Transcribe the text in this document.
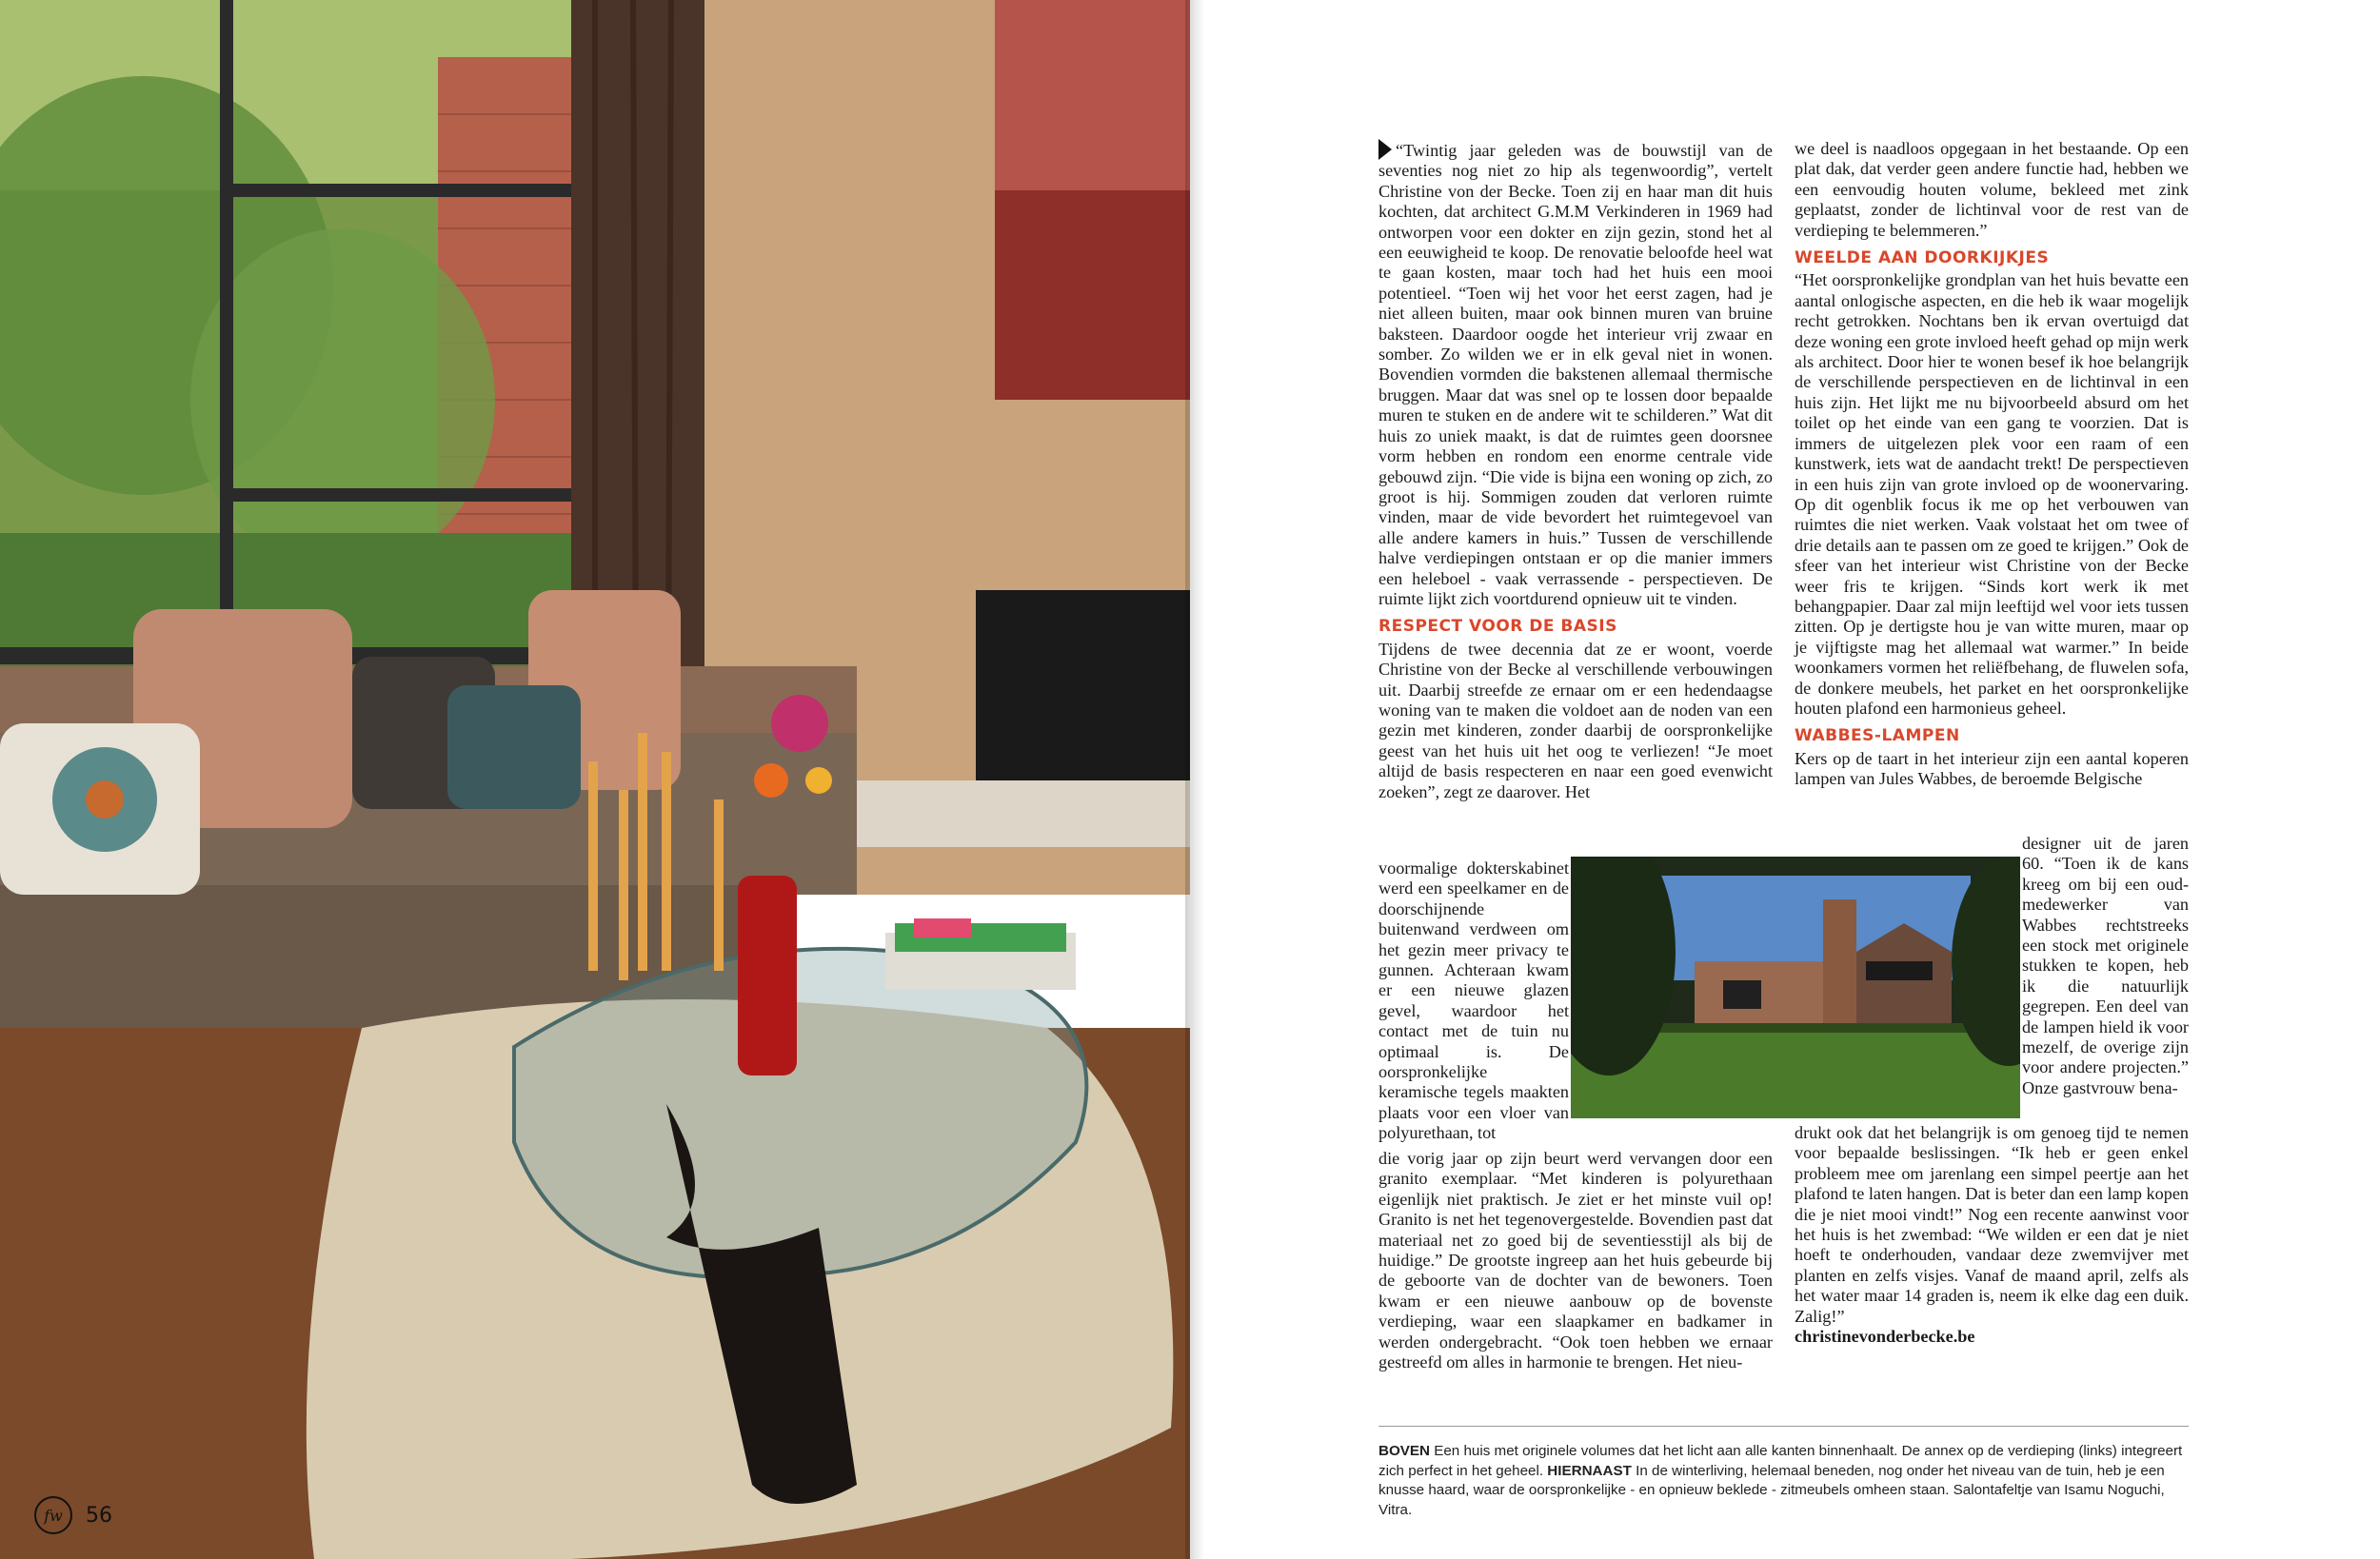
fw	56

“Twintig jaar geleden was de bouwstijl van de seventies nog niet zo hip als tegenwoordig”, vertelt Christine von der Becke. Toen zij en haar man dit huis kochten, dat architect G.M.M Verkinderen in 1969 had ontworpen voor een dokter en zijn gezin, stond het al een eeuwigheid te koop. De renovatie beloofde heel wat te gaan kosten, maar toch had het huis een mooi potentieel. “Toen wij het voor het eerst zagen, had je niet alleen buiten, maar ook binnen muren van bruine baksteen. Daardoor oogde het interieur vrij zwaar en somber. Zo wilden we er in elk geval niet in wonen. Bovendien vormden die bakstenen allemaal thermische bruggen. Maar dat was snel op te lossen door bepaalde muren te stuken en de andere wit te schilderen.” Wat dit huis zo uniek maakt, is dat de ruimtes geen doorsnee vorm hebben en rondom een enorme centrale vide gebouwd zijn. “Die vide is bijna een woning op zich, zo groot is hij. Sommigen zouden dat verloren ruimte vinden, maar de vide bevordert het ruimtegevoel van alle andere kamers in huis.” Tussen de verschillende halve verdiepingen ontstaan er op die manier immers een heleboel - vaak verrassende - perspectieven. De ruimte lijkt zich voortdurend opnieuw uit te vinden.

RESPECT VOOR DE BASIS

Tijdens de twee decennia dat ze er woont, voerde Christine von der Becke al verschillende verbouwingen uit. Daarbij streefde ze ernaar om er een hedendaagse woning van te maken die voldoet aan de noden van een gezin met kinderen, zonder daarbij de oorspronkelijke geest van het huis uit het oog te verliezen! “Je moet altijd de basis respecteren en naar een goed evenwicht zoeken”, zegt ze daarover. Het

voormalige dokterskabinet werd een speelkamer en de doorschijnende buitenwand verdween om het gezin meer privacy te gunnen. Achteraan kwam er een nieuwe glazen gevel, waardoor het contact met de tuin nu optimaal is. De oorspronkelijke keramische tegels maakten plaats voor een vloer van polyurethaan, tot

die vorig jaar op zijn beurt werd vervangen door een granito exemplaar. “Met kinderen is polyurethaan eigenlijk niet praktisch. Je ziet er het minste vuil op! Granito is net het tegenovergestelde. Bovendien past dat materiaal net zo goed bij de seventiesstijl als bij de huidige.” De grootste ingreep aan het huis gebeurde bij de geboorte van de dochter van de bewoners. Toen kwam er een nieuwe aanbouw op de bovenste verdieping, waar een slaapkamer en badkamer in werden ondergebracht. “Ook toen hebben we ernaar gestreefd om alles in harmonie te brengen. Het nieu-

we deel is naadloos opgegaan in het bestaande. Op een plat dak, dat verder geen andere functie had, hebben we een eenvoudig houten volume, bekleed met zink geplaatst, zonder de lichtinval voor de rest van de verdieping te belemmeren.”

WEELDE AAN DOORKIJKJES

“Het oorspronkelijke grondplan van het huis bevatte een aantal onlogische aspecten, en die heb ik waar mogelijk recht getrokken. Nochtans ben ik ervan overtuigd dat deze woning een grote invloed heeft gehad op mijn werk als architect. Door hier te wonen besef ik hoe belangrijk de verschillende perspectieven en de lichtinval in een huis zijn. Het lijkt me nu bijvoorbeeld absurd om het toilet op het einde van een gang te voorzien. Dat is immers de uitgelezen plek voor een raam of een kunstwerk, iets wat de aandacht trekt! De perspectieven in een huis zijn van grote invloed op de woonervaring. Op dit ogenblik focus ik me op het verbouwen van ruimtes die niet werken. Vaak volstaat het om twee of drie details aan te passen om ze goed te krijgen.” Ook de sfeer van het interieur wist Christine von der Becke weer fris te krijgen. “Sinds kort werk ik met behangpapier. Daar zal mijn leeftijd wel voor iets tussen zitten. Op je dertigste hou je van witte muren, maar op je vijftigste mag het allemaal wat warmer.” In beide woonkamers vormen het reliëfbehang, de fluwelen sofa, de donkere meubels, het parket en het oorspronkelijke houten plafond een harmonieus geheel.

WABBES-LAMPEN

Kers op de taart in het interieur zijn een aantal koperen lampen van Jules Wabbes, de beroemde Belgische

designer uit de jaren 60. “Toen ik de kans kreeg om bij een oud-medewerker van Wabbes rechtstreeks een stock met originele stukken te kopen, heb ik die natuurlijk gegrepen. Een deel van de lampen hield ik voor mezelf, de overige zijn voor andere projecten.” Onze gastvrouw bena-

drukt ook dat het belangrijk is om genoeg tijd te nemen voor bepaalde beslissingen. “Ik heb er geen enkel probleem mee om jarenlang een simpel peertje aan het plafond te laten hangen. Dat is beter dan een lamp kopen die je niet mooi vindt!” Nog een recente aanwinst voor het huis is het zwembad: “We wilden er een dat je niet hoeft te onderhouden, vandaar deze zwemvijver met planten en zelfs visjes. Vanaf de maand april, zelfs als het water maar 14 graden is, neem ik elke dag een duik. Zalig!”

christinevonderbecke.be

BOVEN Een huis met originele volumes dat het licht aan alle kanten binnenhaalt. De annex op de verdieping (links) integreert zich perfect in het geheel. HIERNAAST In de winterliving, helemaal beneden, nog onder het niveau van de tuin, heb je een knusse haard, waar de oorspronkelijke - en opnieuw beklede - zitmeubels omheen staan. Salontafeltje van Isamu Noguchi, Vitra.
